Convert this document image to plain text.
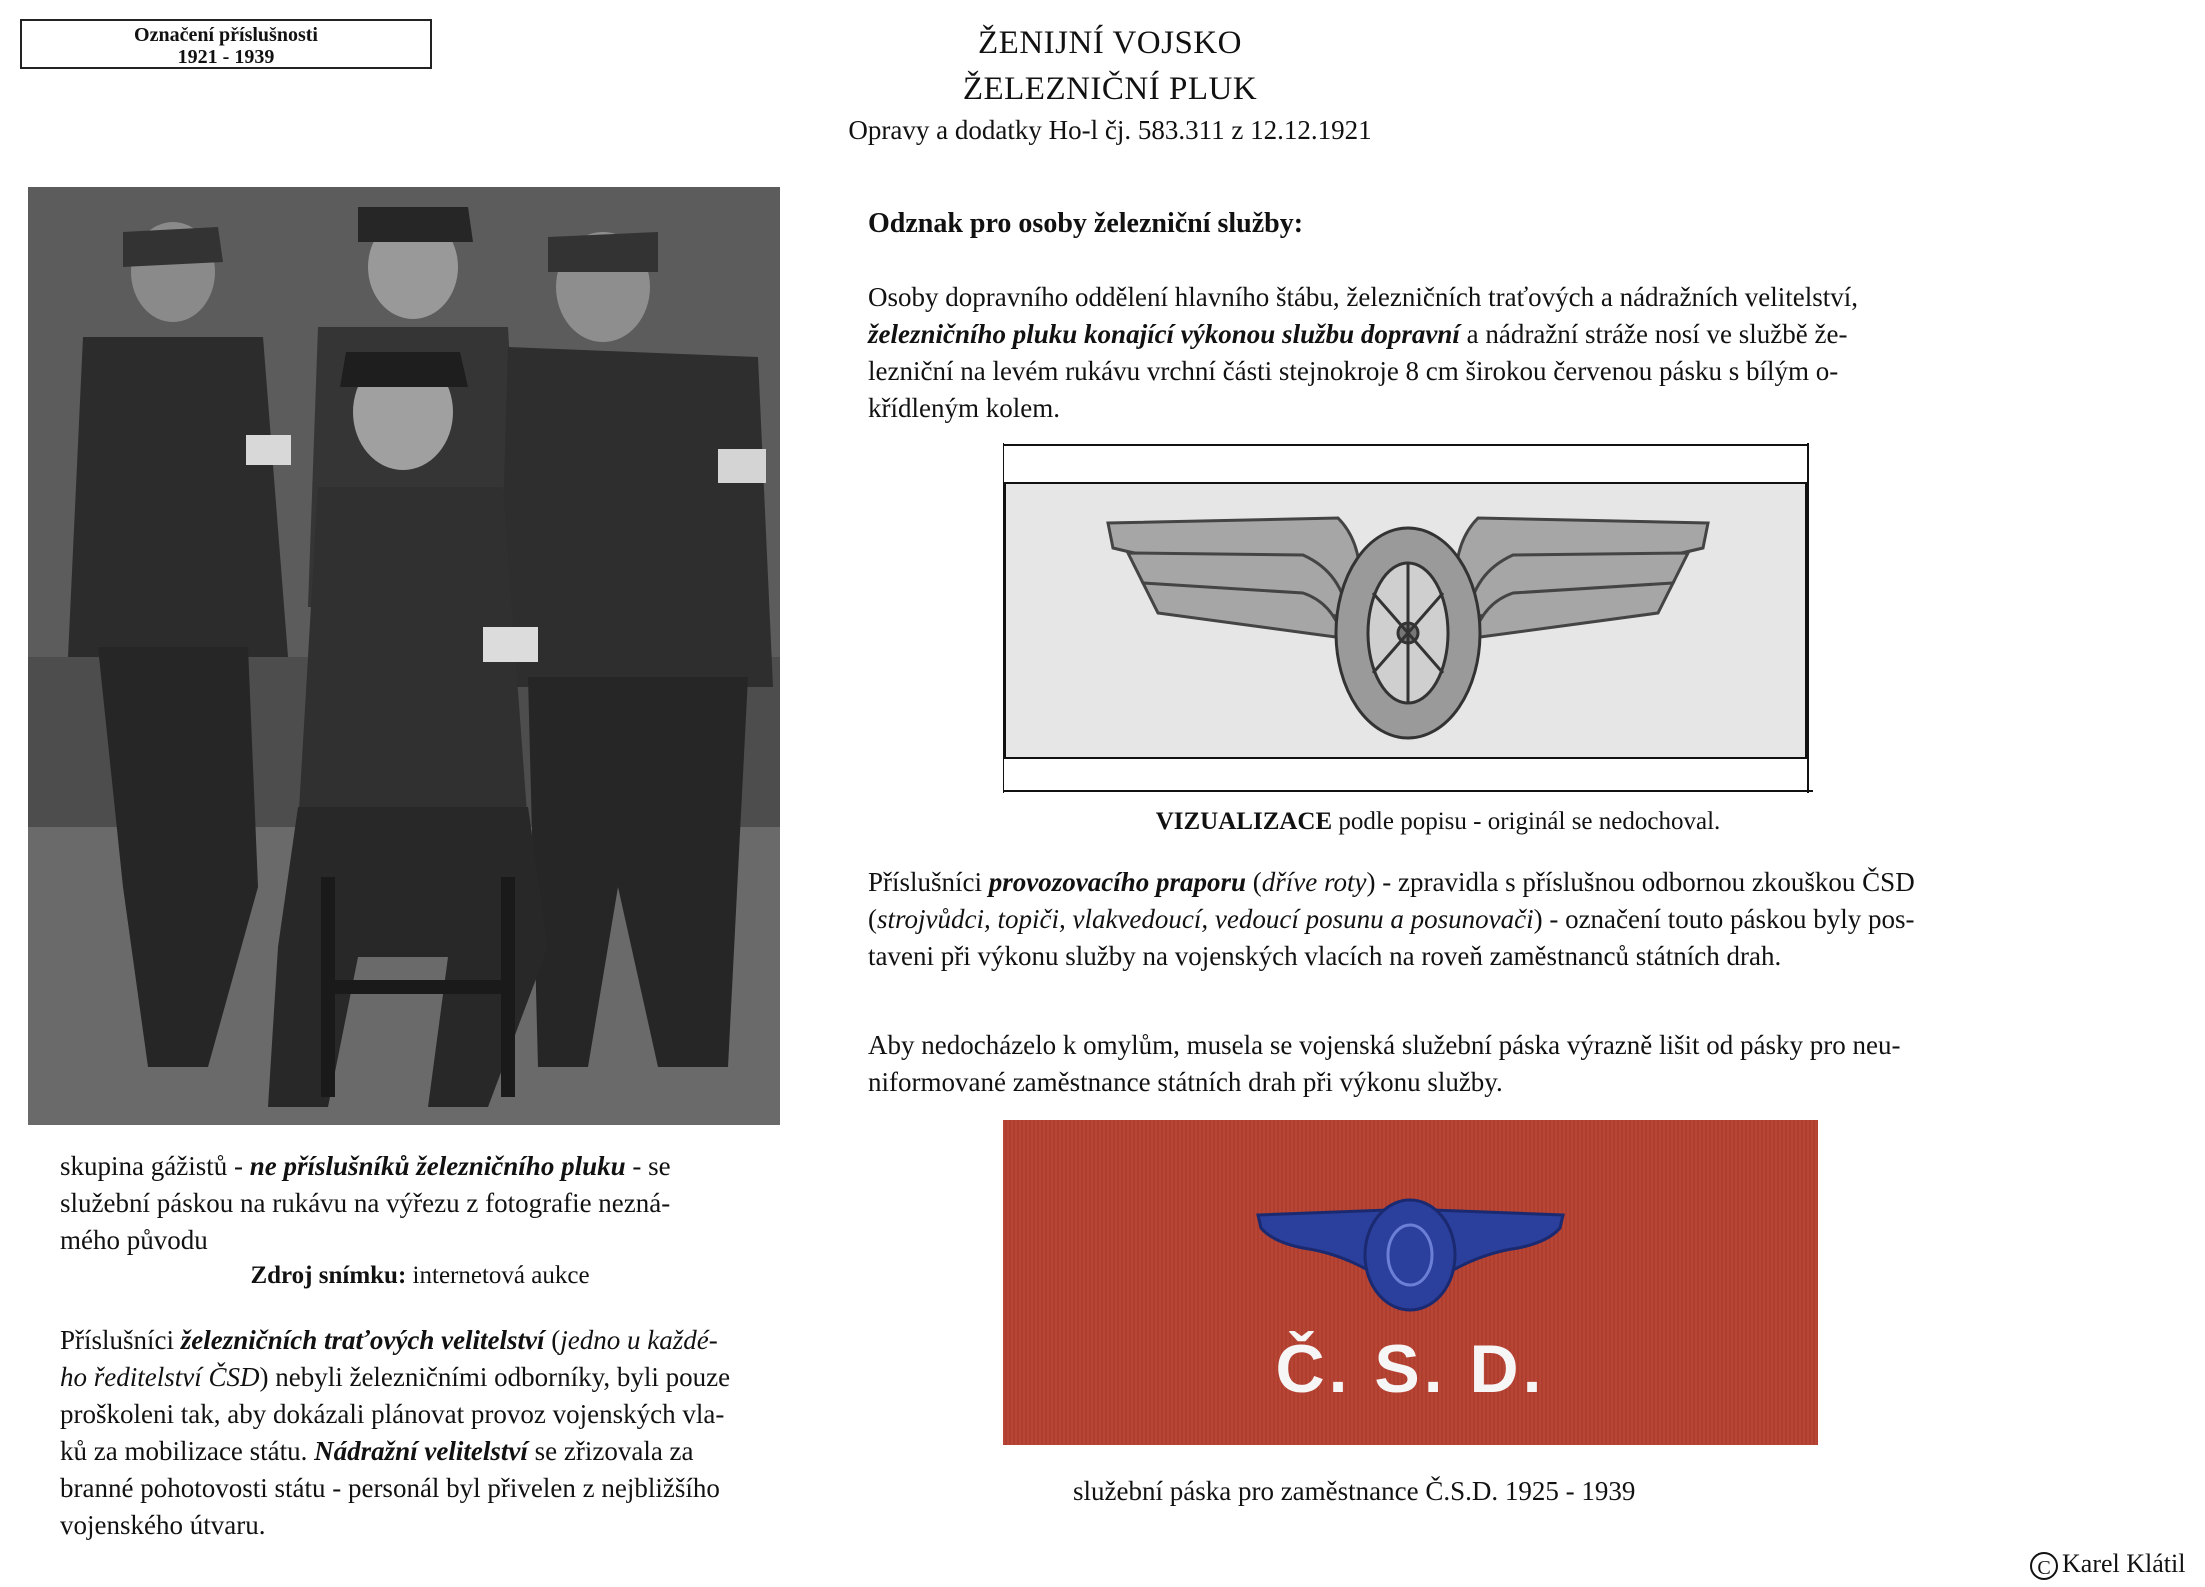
Označení příslušnosti
1921 - 1939	ŽENIJNÍ VOJSKO
ŽELEZNIČNÍ PLUK
Opravy a dodatky Ho-l čj. 583.311 z 12.12.1921
Odznak pro osoby železniční služby:
Osoby dopravního oddělení hlavního štábu, železničních traťových a nádražních velitelství,
železničního pluku konající výkonou službu dopravní a nádražní stráže nosí ve službě že-
lezniční na levém rukávu vrchní části stejnokroje 8 cm širokou červenou pásku s bílým o-
křídleným kolem.
VIZUALIZACE podle popisu - originál se nedochoval.
Příslušníci provozovacího praporu (dříve roty) - zpravidla s příslušnou odbornou zkouškou ČSD
(strojvůdci, topiči, vlakvedoucí, vedoucí posunu a posunovači) - označení touto páskou byly pos-
taveni při výkonu služby na vojenských vlacích na roveň zaměstnanců státních drah.
Aby nedocházelo k omylům, musela se vojenská služební páska výrazně lišit od pásky pro neu-
niformované zaměstnance státních drah při výkonu služby.
Č. S. D.
služební páska pro zaměstnance Č.S.D. 1925 - 1939
skupina gážistů - ne příslušníků železničního pluku - se
služební páskou na rukávu na výřezu z fotografie nezná-
mého původu
Zdroj snímku: internetová aukce
Příslušníci železničních traťových velitelství (jedno u každé-
ho ředitelství ČSD) nebyli železničními odborníky, byli pouze
proškoleni tak, aby dokázali plánovat provoz vojenských vla-
ků za mobilizace státu. Nádražní velitelství se zřizovala za
branné pohotovosti státu - personál byl přivelen z nejbližšího
vojenského útvaru.
C Karel Klátil
